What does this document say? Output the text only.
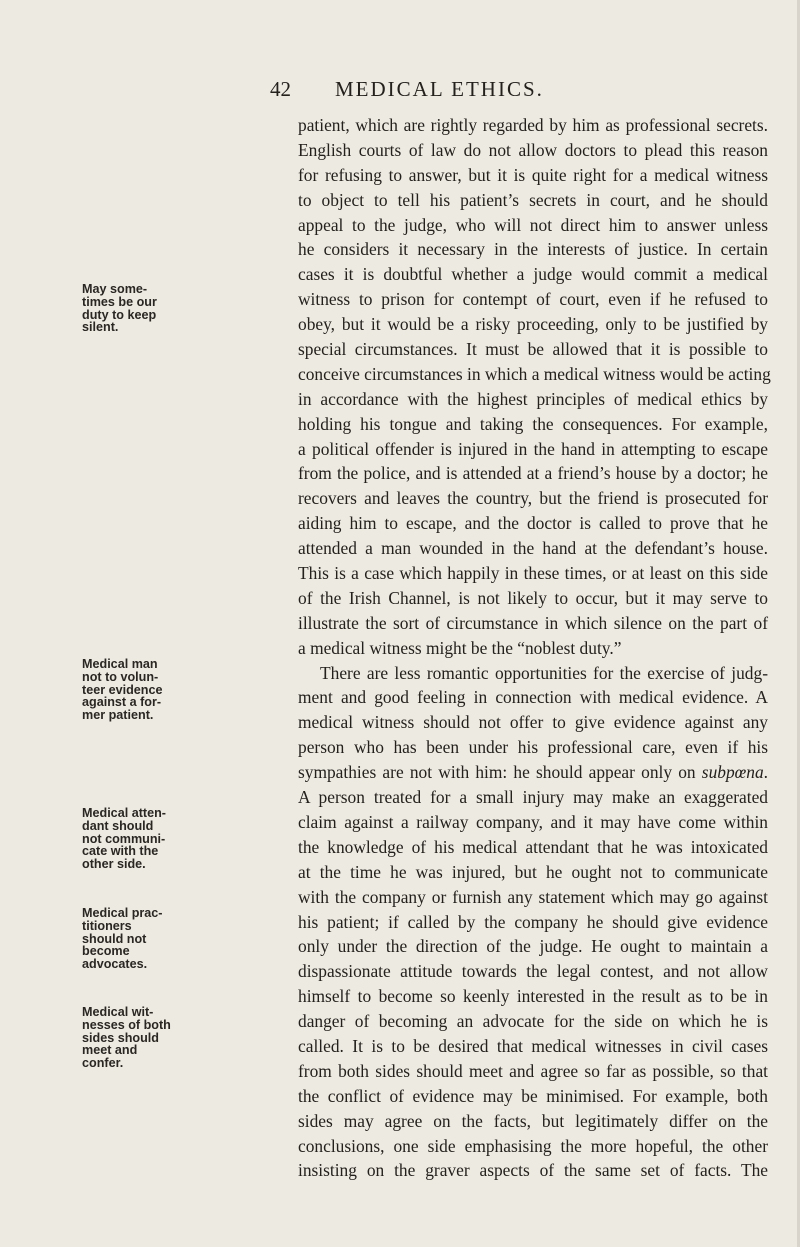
42 MEDICAL ETHICS.
May some-
times be our
duty to keep
silent.
Medical man
not to volun-
teer evidence
against a for-
mer patient.
Medical atten-
dant should
not communi-
cate with the
other side.
Medical prac-
titioners
should not
become
advocates.
Medical wit-
nesses of both
sides should
meet and
confer.
patient, which are rightly regarded by him as professional secrets.
English courts of law do not allow doctors to plead this reason
for refusing to answer, but it is quite right for a medical witness
to object to tell his patient’s secrets in court, and he should
appeal to the judge, who will not direct him to answer unless
he considers it necessary in the interests of justice. In certain
cases it is doubtful whether a judge would commit a medical
witness to prison for contempt of court, even if he refused to
obey, but it would be a risky proceeding, only to be justified by
special circumstances. It must be allowed that it is possible to
conceive circumstances in which a medical witness would be acting
in accordance with the highest principles of medical ethics by
holding his tongue and taking the consequences. For example,
a political offender is injured in the hand in attempting to escape
from the police, and is attended at a friend’s house by a doctor; he
recovers and leaves the country, but the friend is prosecuted for
aiding him to escape, and the doctor is called to prove that he
attended a man wounded in the hand at the defendant’s house.
This is a case which happily in these times, or at least on this side
of the Irish Channel, is not likely to occur, but it may serve to
illustrate the sort of circumstance in which silence on the part of
a medical witness might be the “noblest duty.”
There are less romantic opportunities for the exercise of judg-
ment and good feeling in connection with medical evidence. A
medical witness should not offer to give evidence against any
person who has been under his professional care, even if his
sympathies are not with him: he should appear only on subpœna.
A person treated for a small injury may make an exaggerated
claim against a railway company, and it may have come within
the knowledge of his medical attendant that he was intoxicated
at the time he was injured, but he ought not to communicate
with the company or furnish any statement which may go against
his patient; if called by the company he should give evidence
only under the direction of the judge. He ought to maintain a
dispassionate attitude towards the legal contest, and not allow
himself to become so keenly interested in the result as to be in
danger of becoming an advocate for the side on which he is
called. It is to be desired that medical witnesses in civil cases
from both sides should meet and agree so far as possible, so that
the conflict of evidence may be minimised. For example, both
sides may agree on the facts, but legitimately differ on the
conclusions, one side emphasising the more hopeful, the other
insisting on the graver aspects of the same set of facts. The
